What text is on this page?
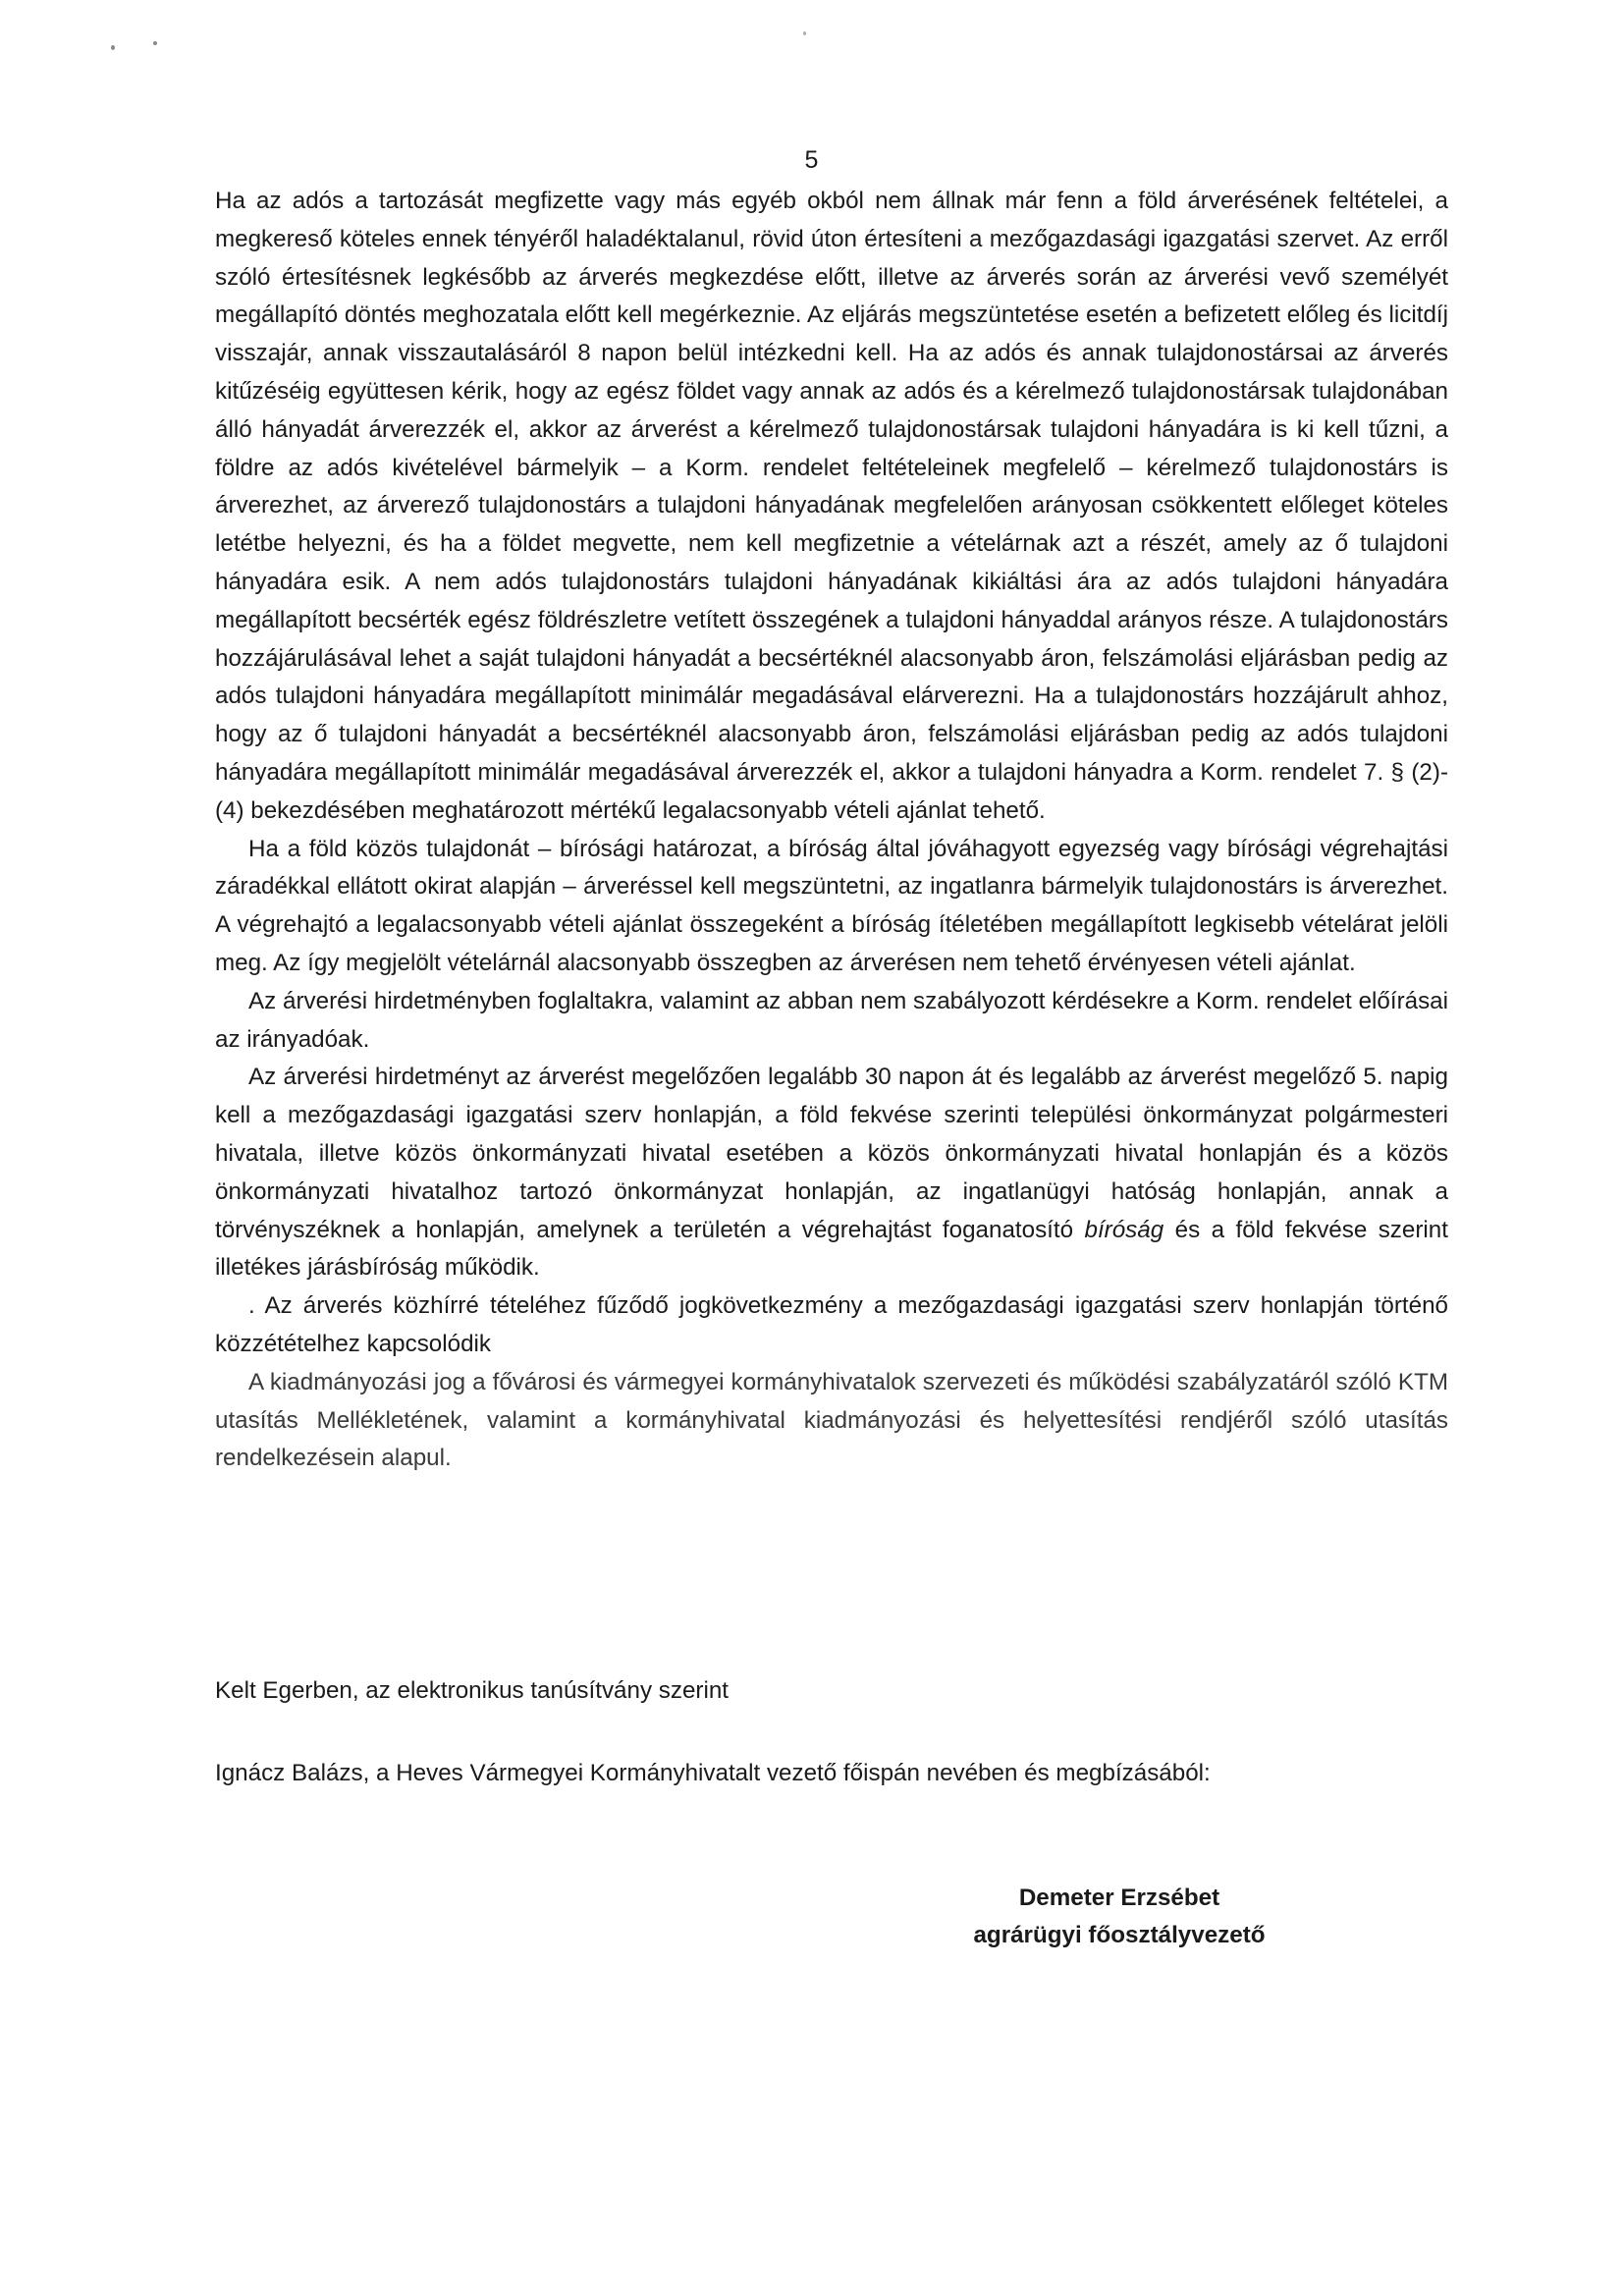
5

Ha az adós a tartozását megfizette vagy más egyéb okból nem állnak már fenn a föld árverésének feltételei, a megkereső köteles ennek tényéről haladéktalanul, rövid úton értesíteni a mezőgazdasági igazgatási szervet. Az erről szóló értesítésnek legkésőbb az árverés megkezdése előtt, illetve az árverés során az árverési vevő személyét megállapító döntés meghozatala előtt kell megérkeznie. Az eljárás megszüntetése esetén a befizetett előleg és licitdíj visszajár, annak visszautalásáról 8 napon belül intézkedni kell. Ha az adós és annak tulajdonostársai az árverés kitűzéséig együttesen kérik, hogy az egész földet vagy annak az adós és a kérelmező tulajdonostársak tulajdonában álló hányadát árverezzék el, akkor az árverést a kérelmező tulajdonostársak tulajdoni hányadára is ki kell tűzni, a földre az adós kivételével bármelyik – a Korm. rendelet feltételeinek megfelelő – kérelmező tulajdonostárs is árverezhet, az árverező tulajdonostárs a tulajdoni hányadának megfelelően arányosan csökkentett előleget köteles letétbe helyezni, és ha a földet megvette, nem kell megfizetnie a vételárnak azt a részét, amely az ő tulajdoni hányadára esik. A nem adós tulajdonostárs tulajdoni hányadának kikiáltási ára az adós tulajdoni hányadára megállapított becsérték egész földrészletre vetített összegének a tulajdoni hányaddal arányos része. A tulajdonostárs hozzájárulásával lehet a saját tulajdoni hányadát a becsértéknél alacsonyabb áron, felszámolási eljárásban pedig az adós tulajdoni hányadára megállapított minimálár megadásával elárverezni. Ha a tulajdonostárs hozzájárult ahhoz, hogy az ő tulajdoni hányadát a becsértéknél alacsonyabb áron, felszámolási eljárásban pedig az adós tulajdoni hányadára megállapított minimálár megadásával árverezzék el, akkor a tulajdoni hányadra a Korm. rendelet 7. § (2)-(4) bekezdésében meghatározott mértékű legalacsonyabb vételi ajánlat tehető.

Ha a föld közös tulajdonát – bírósági határozat, a bíróság által jóváhagyott egyezség vagy bírósági végrehajtási záradékkal ellátott okirat alapján – árveréssel kell megszüntetni, az ingatlanra bármelyik tulajdonostárs is árverezhet. A végrehajtó a legalacsonyabb vételi ajánlat összegeként a bíróság ítéletében megállapított legkisebb vételárat jelöli meg. Az így megjelölt vételárnál alacsonyabb összegben az árverésen nem tehető érvényesen vételi ajánlat.

Az árverési hirdetményben foglaltakra, valamint az abban nem szabályozott kérdésekre a Korm. rendelet előírásai az irányadóak.

Az árverési hirdetményt az árverést megelőzően legalább 30 napon át és legalább az árverést megelőző 5. napig kell a mezőgazdasági igazgatási szerv honlapján, a föld fekvése szerinti települési önkormányzat polgármesteri hivatala, illetve közös önkormányzati hivatal esetében a közös önkormányzati hivatal honlapján és a közös önkormányzati hivatalhoz tartozó önkormányzat honlapján, az ingatlanügyi hatóság honlapján, annak a törvényszéknek a honlapján, amelynek a területén a végrehajtást foganatosító bíróság és a föld fekvése szerint illetékes járásbíróság működik.

. Az árverés közhírré tételéhez fűződő jogkövetkezmény a mezőgazdasági igazgatási szerv honlapján történő közzétételhez kapcsolódik

A kiadmányozási jog a fővárosi és vármegyei kormányhivatalok szervezeti és működési szabályzatáról szóló KTM utasítás Mellékletének, valamint a kormányhivatal kiadmányozási és helyettesítési rendjéről szóló utasítás rendelkezésein alapul.

Kelt Egerben, az elektronikus tanúsítvány szerint
Ignácz Balázs, a Heves Vármegyei Kormányhivatalt vezető főispán nevében és megbízásából:
Demeter Erzsébet
agrárügyi főosztályvezető
